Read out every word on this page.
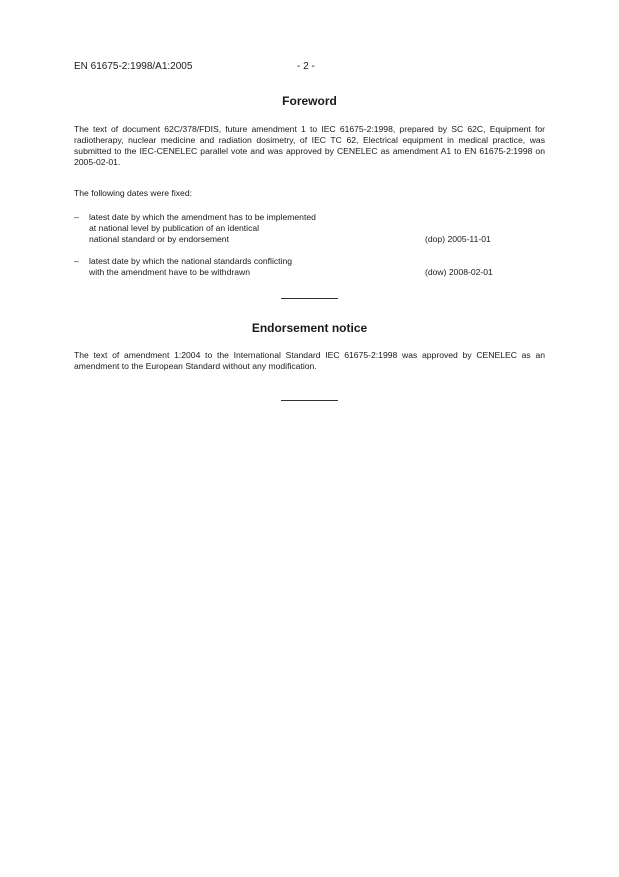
EN 61675-2:1998/A1:2005	- 2 -
Foreword

The text of document 62C/378/FDIS, future amendment 1 to IEC 61675-2:1998, prepared by SC 62C, Equipment for radiotherapy, nuclear medicine and radiation dosimetry, of IEC TC 62, Electrical equipment in medical practice, was submitted to the IEC-CENELEC parallel vote and was approved by CENELEC as amendment A1 to EN 61675-2:1998 on 2005-02-01.

The following dates were fixed:

– latest date by which the amendment has to be implemented
at national level by publication of an identical
national standard or by endorsement	(dop) 2005-11-01
– latest date by which the national standards conflicting
with the amendment have to be withdrawn	(dow) 2008-02-01
Endorsement notice

The text of amendment 1:2004 to the International Standard IEC 61675-2:1998 was approved by CENELEC as an amendment to the European Standard without any modification.
